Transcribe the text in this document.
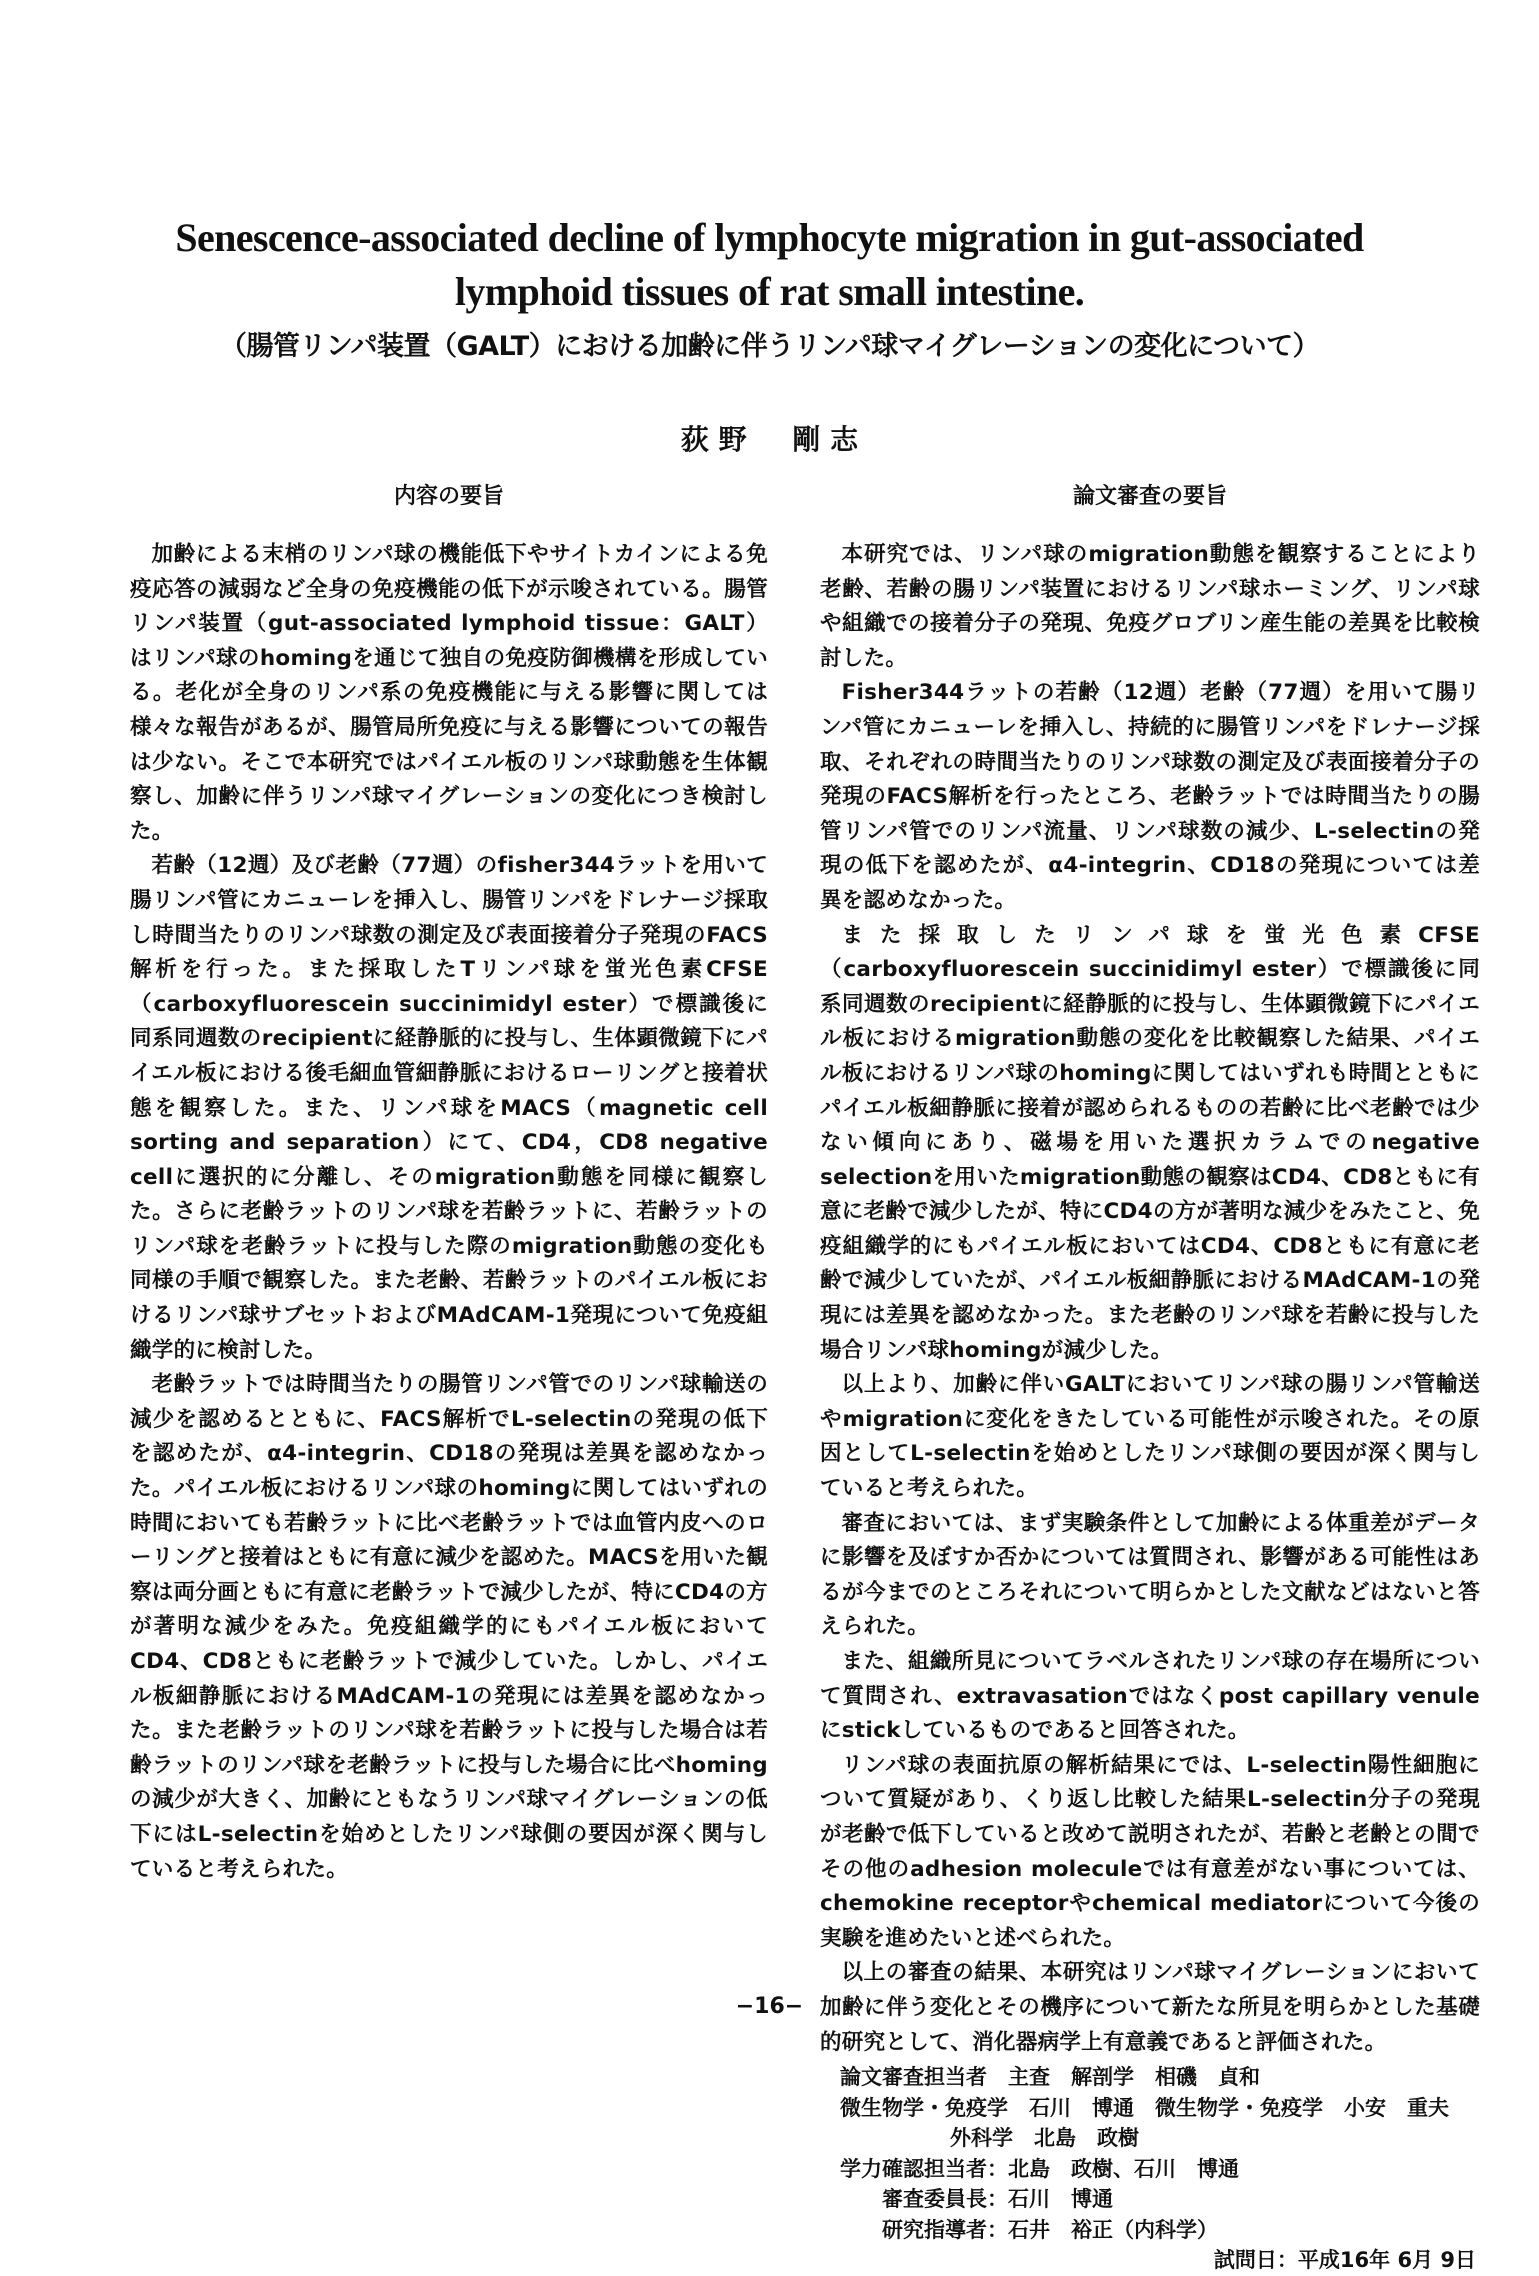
Senescence-associated decline of lymphocyte migration in gut-associated
lymphoid tissues of rat small intestine.
（腸管リンパ装置（GALT）における加齢に伴うリンパ球マイグレーションの変化について）
荻 野 剛 志
内容の要旨

加齢による末梢のリンパ球の機能低下やサイトカインによる免疫応答の減弱など全身の免疫機能の低下が示唆されている。腸管リンパ装置（gut-associated lymphoid tissue：GALT）はリンパ球のhomingを通じて独自の免疫防御機構を形成している。老化が全身のリンパ系の免疫機能に与える影響に関しては様々な報告があるが、腸管局所免疫に与える影響についての報告は少ない。そこで本研究ではパイエル板のリンパ球動態を生体観察し、加齢に伴うリンパ球マイグレーションの変化につき検討した。

若齢（12週）及び老齢（77週）のfisher344ラットを用いて腸リンパ管にカニューレを挿入し、腸管リンパをドレナージ採取し時間当たりのリンパ球数の測定及び表面接着分子発現のFACS解析を行った。また採取したTリンパ球を蛍光色素CFSE（carboxyfluorescein succinimidyl ester）で標識後に同系同週数のrecipientに経静脈的に投与し、生体顕微鏡下にパイエル板における後毛細血管細静脈におけるローリングと接着状態を観察した。また、リンパ球をMACS（magnetic cell sorting and separation）にて、CD4，CD8 negative cellに選択的に分離し、そのmigration動態を同様に観察した。さらに老齢ラットのリンパ球を若齢ラットに、若齢ラットのリンパ球を老齢ラットに投与した際のmigration動態の変化も同様の手順で観察した。また老齢、若齢ラットのパイエル板におけるリンパ球サブセットおよびMAdCAM-1発現について免疫組織学的に検討した。

老齢ラットでは時間当たりの腸管リンパ管でのリンパ球輸送の減少を認めるとともに、FACS解析でL-selectinの発現の低下を認めたが、α4-integrin、CD18の発現は差異を認めなかった。パイエル板におけるリンパ球のhomingに関してはいずれの時間においても若齢ラットに比べ老齢ラットでは血管内皮へのローリングと接着はともに有意に減少を認めた。MACSを用いた観察は両分画ともに有意に老齢ラットで減少したが、特にCD4の方が著明な減少をみた。免疫組織学的にもパイエル板においてCD4、CD8ともに老齢ラットで減少していた。しかし、パイエル板細静脈におけるMAdCAM-1の発現には差異を認めなかった。また老齢ラットのリンパ球を若齢ラットに投与した場合は若齢ラットのリンパ球を老齢ラットに投与した場合に比べhomingの減少が大きく、加齢にともなうリンパ球マイグレーションの低下にはL-selectinを始めとしたリンパ球側の要因が深く関与していると考えられた。

論文審査の要旨

本研究では、リンパ球のmigration動態を観察することにより老齢、若齢の腸リンパ装置におけるリンパ球ホーミング、リンパ球や組織での接着分子の発現、免疫グロブリン産生能の差異を比較検討した。

Fisher344ラットの若齢（12週）老齢（77週）を用いて腸リンパ管にカニューレを挿入し、持続的に腸管リンパをドレナージ採取、それぞれの時間当たりのリンパ球数の測定及び表面接着分子の発現のFACS解析を行ったところ、老齢ラットでは時間当たりの腸管リンパ管でのリンパ流量、リンパ球数の減少、L-selectinの発現の低下を認めたが、α4-integrin、CD18の発現については差異を認めなかった。

また採取したリンパ球を蛍光色素CFSE（carboxyfluorescein succinidimyl ester）で標識後に同系同週数のrecipientに経静脈的に投与し、生体顕微鏡下にパイエル板におけるmigration動態の変化を比較観察した結果、パイエル板におけるリンパ球のhomingに関してはいずれも時間とともにパイエル板細静脈に接着が認められるものの若齢に比べ老齢では少ない傾向にあり、磁場を用いた選択カラムでのnegative selectionを用いたmigration動態の観察はCD4、CD8ともに有意に老齢で減少したが、特にCD4の方が著明な減少をみたこと、免疫組織学的にもパイエル板においてはCD4、CD8ともに有意に老齢で減少していたが、パイエル板細静脈におけるMAdCAM-1の発現には差異を認めなかった。また老齢のリンパ球を若齢に投与した場合リンパ球homingが減少した。

以上より、加齢に伴いGALTにおいてリンパ球の腸リンパ管輸送やmigrationに変化をきたしている可能性が示唆された。その原因としてL-selectinを始めとしたリンパ球側の要因が深く関与していると考えられた。

審査においては、まず実験条件として加齢による体重差がデータに影響を及ぼすか否かについては質問され、影響がある可能性はあるが今までのところそれについて明らかとした文献などはないと答えられた。

また、組織所見についてラベルされたリンパ球の存在場所について質問され、extravasationではなくpost capillary venuleにstickしているものであると回答された。

リンパ球の表面抗原の解析結果にでは、L-selectin陽性細胞について質疑があり、くり返し比較した結果L-selectin分子の発現が老齢で低下していると改めて説明されたが、若齢と老齢との間でその他のadhesion moleculeでは有意差がない事については、chemokine receptorやchemical mediatorについて今後の実験を進めたいと述べられた。

以上の審査の結果、本研究はリンパ球マイグレーションにおいて加齢に伴う変化とその機序について新たな所見を明らかとした基礎的研究として、消化器病学上有意義であると評価された。

論文審査担当者　主査　解剖学　相磯　貞和
微生物学・免疫学　石川　博通　微生物学・免疫学　小安　重夫
外科学　北島　政樹
学力確認担当者：北島　政樹、石川　博通
審査委員長：石川　博通
研究指導者：石井　裕正（内科学）
試問日：平成16年 6月 9日
−16−
